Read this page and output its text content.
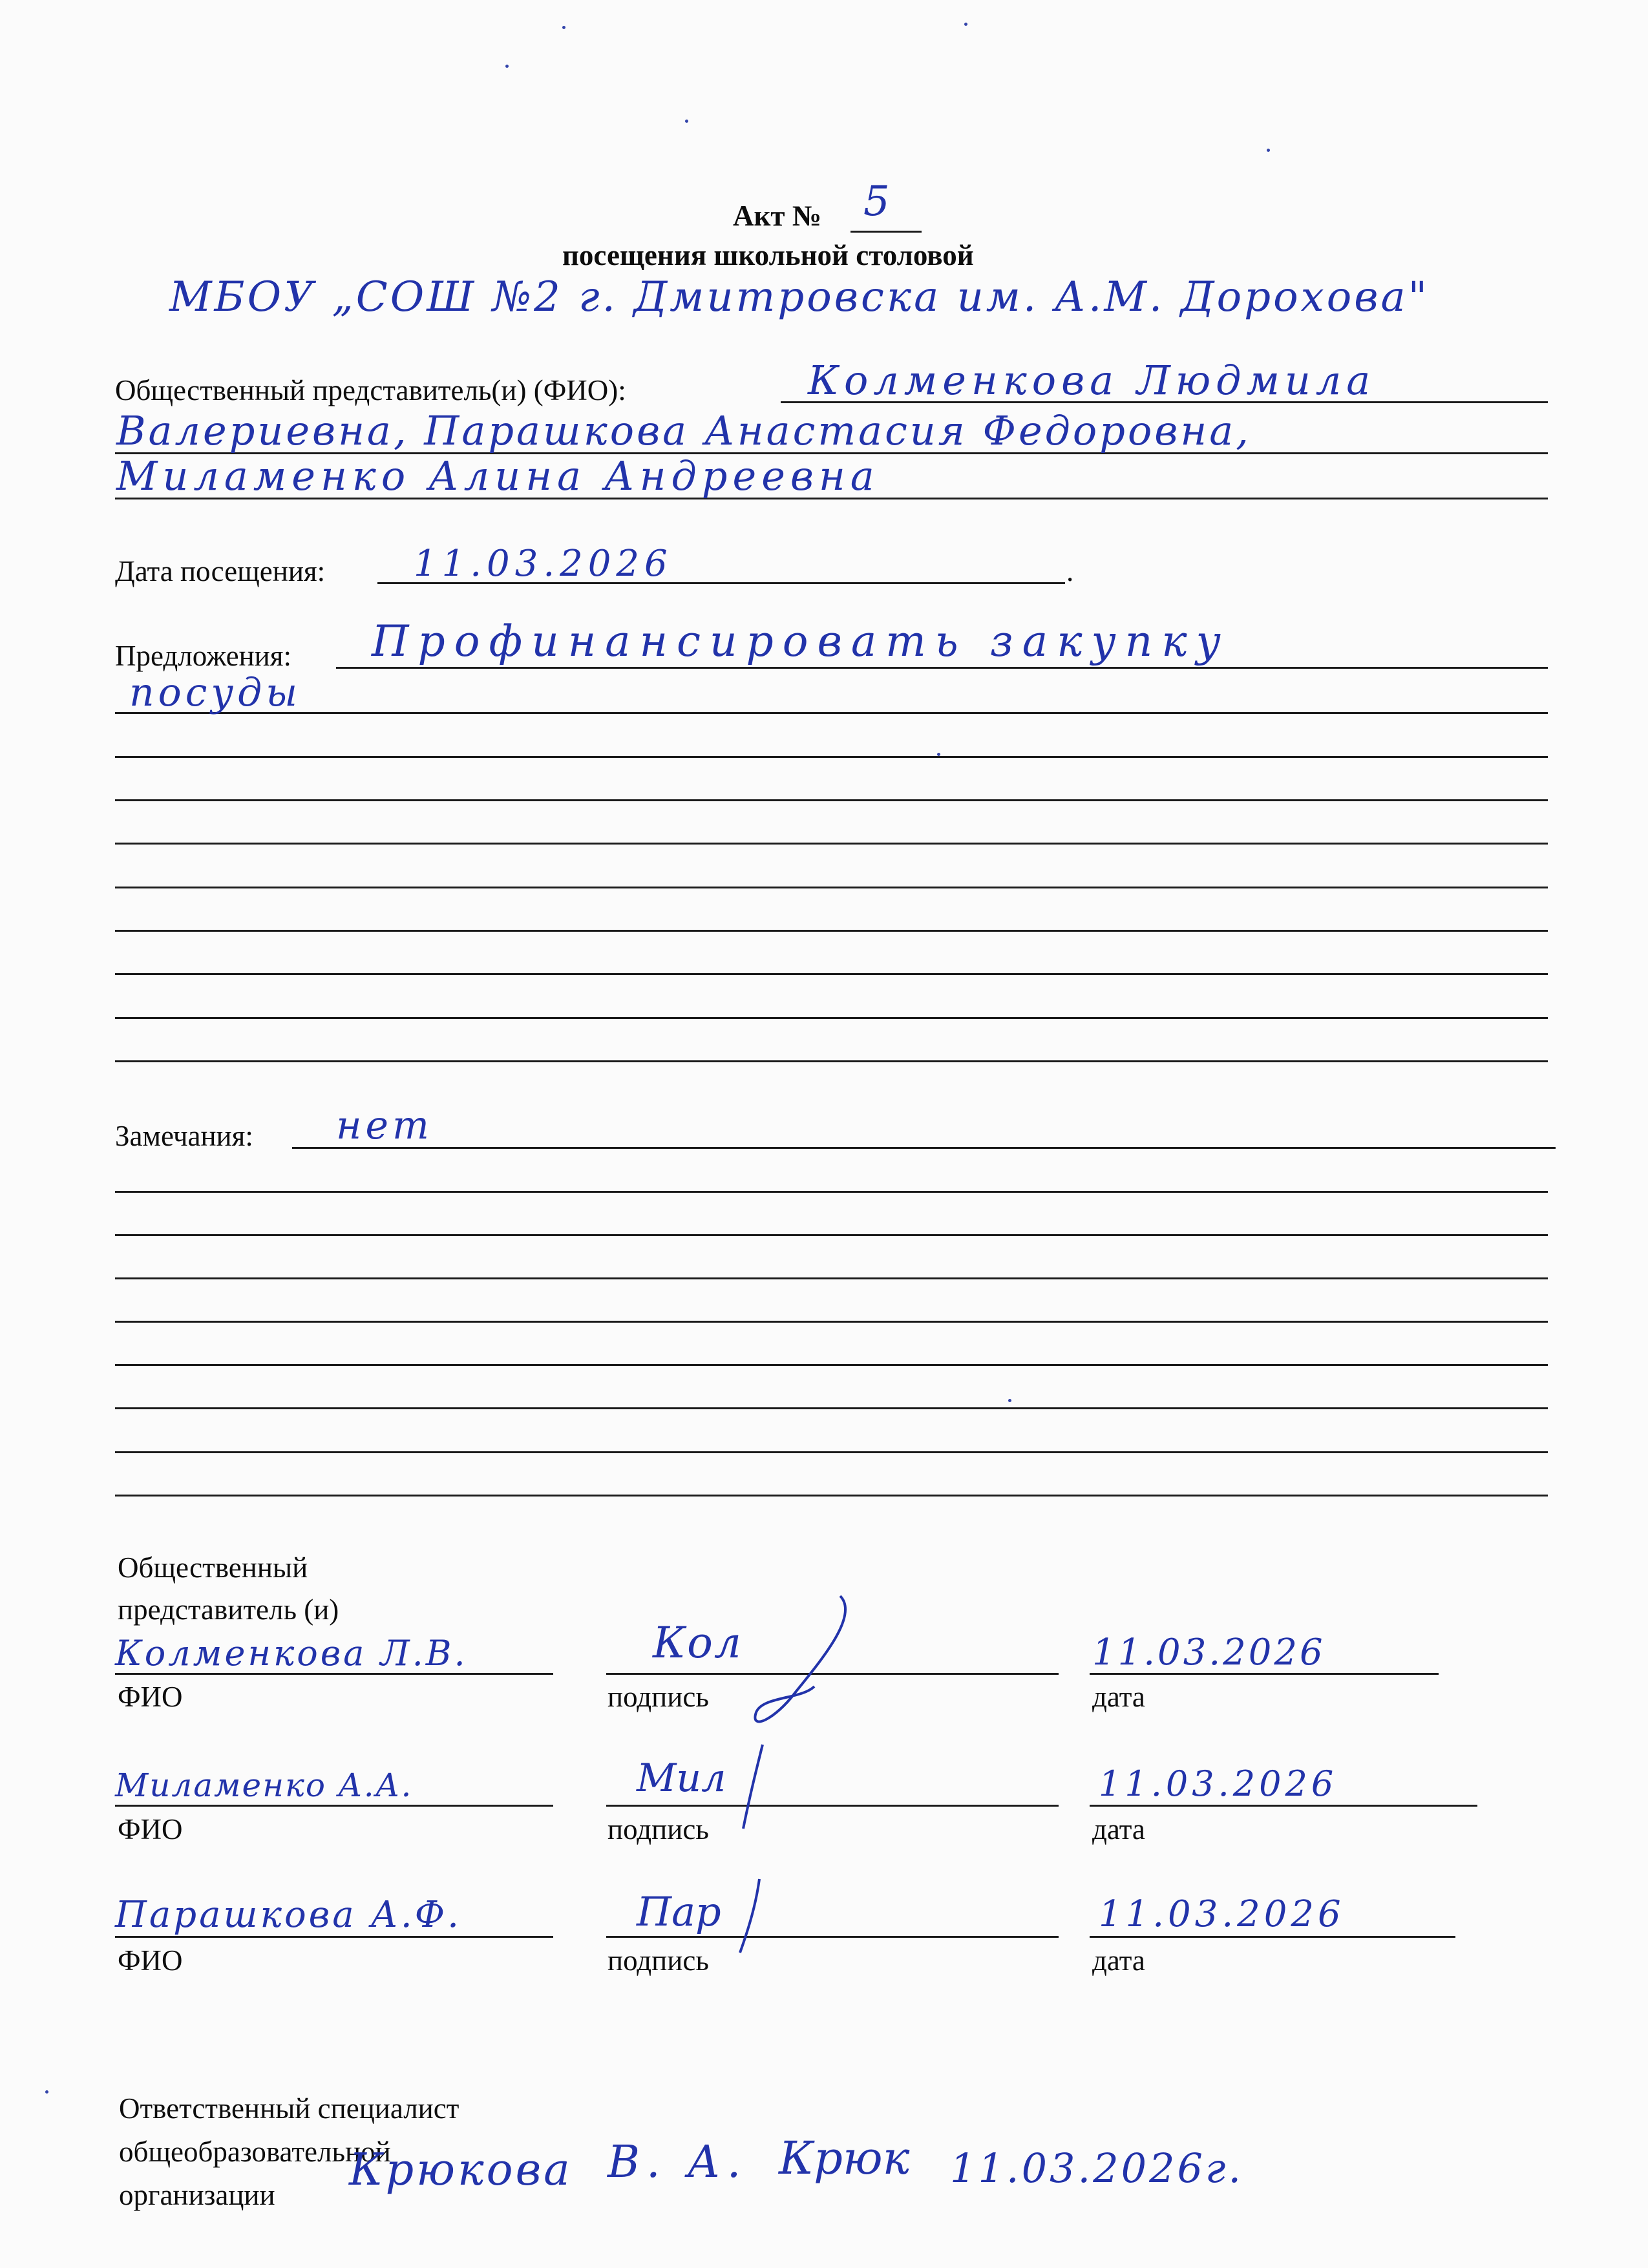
Акт № 5
посещения школьной столовой
МБОУ „СОШ №2 г. Дмитровска им. А.М. Дорохова"
Общественный представитель(и) (ФИО):	Колменкова Людмила
Валериевна, Парашкова Анастасия Федоровна,
Миламенко Алина Андреевна
Дата посещения: 11.03.2026	.
Предложения: Профинансировать закупку
посуды
Замечания: нет
Общественный
представитель (и)
Колменкова Л.В.
ФИО
Кол
подпись
11.03.2026
дата
Миламенко А.А.
ФИО
Мил
подпись
11.03.2026
дата
Парашкова А.Ф.
ФИО
Пар
подпись
11.03.2026
дата
Ответственный специалист
общеобразовательной
организации Крюкова В. А. Крюк 11.03.2026г.
